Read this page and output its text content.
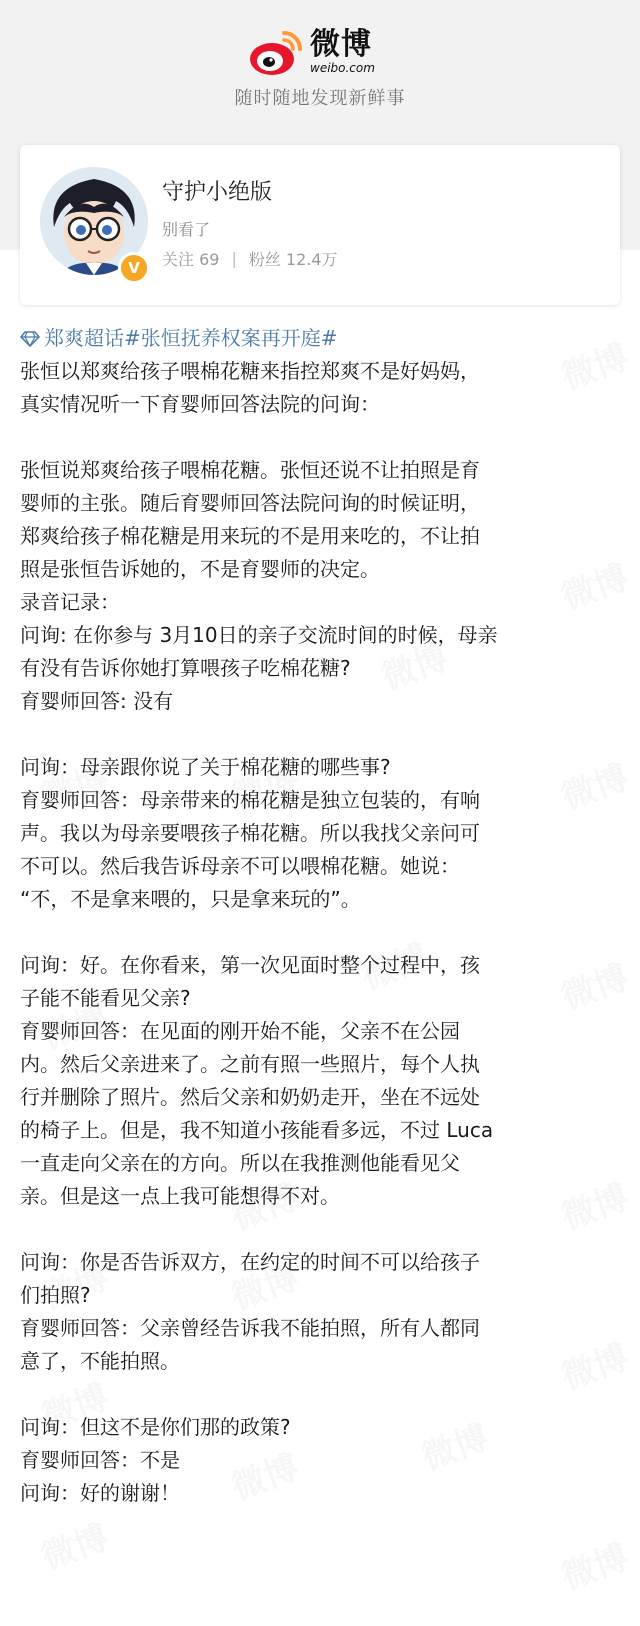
微博
weibo.com
随时随地发现新鲜事
守护小绝版
别看了
关注 69 | 粉丝 12.4万
V

郑爽超话#张恒抚养权案再开庭#

张恒以郑爽给孩子喂棉花糖来指控郑爽不是好妈妈，

真实情况听一下育婴师回答法院的问询：

张恒说郑爽给孩子喂棉花糖。张恒还说不让拍照是育

婴师的主张。随后育婴师回答法院问询的时候证明，

郑爽给孩子棉花糖是用来玩的不是用来吃的，不让拍

照是张恒告诉她的，不是育婴师的决定。

录音记录：

问询: 在你参与 3月10日的亲子交流时间的时候，母亲

有没有告诉你她打算喂孩子吃棉花糖?

育婴师回答: 没有

问询：母亲跟你说了关于棉花糖的哪些事?

育婴师回答：母亲带来的棉花糖是独立包装的，有响

声。我以为母亲要喂孩子棉花糖。所以我找父亲问可

不可以。然后我告诉母亲不可以喂棉花糖。她说：

“不，不是拿来喂的，只是拿来玩的”。

问询：好。在你看来，第一次见面时整个过程中，孩

子能不能看见父亲?

育婴师回答：在见面的刚开始不能，父亲不在公园

内。然后父亲进来了。之前有照一些照片，每个人执

行并删除了照片。然后父亲和奶奶走开，坐在不远处

的椅子上。但是，我不知道小孩能看多远，不过 Luca

一直走向父亲在的方向。所以在我推测他能看见父

亲。但是这一点上我可能想得不对。

问询：你是否告诉双方，在约定的时间不可以给孩子

们拍照?

育婴师回答：父亲曾经告诉我不能拍照，所有人都同

意了，不能拍照。

问询：但这不是你们那的政策?

育婴师回答：不是

问询：好的谢谢！
